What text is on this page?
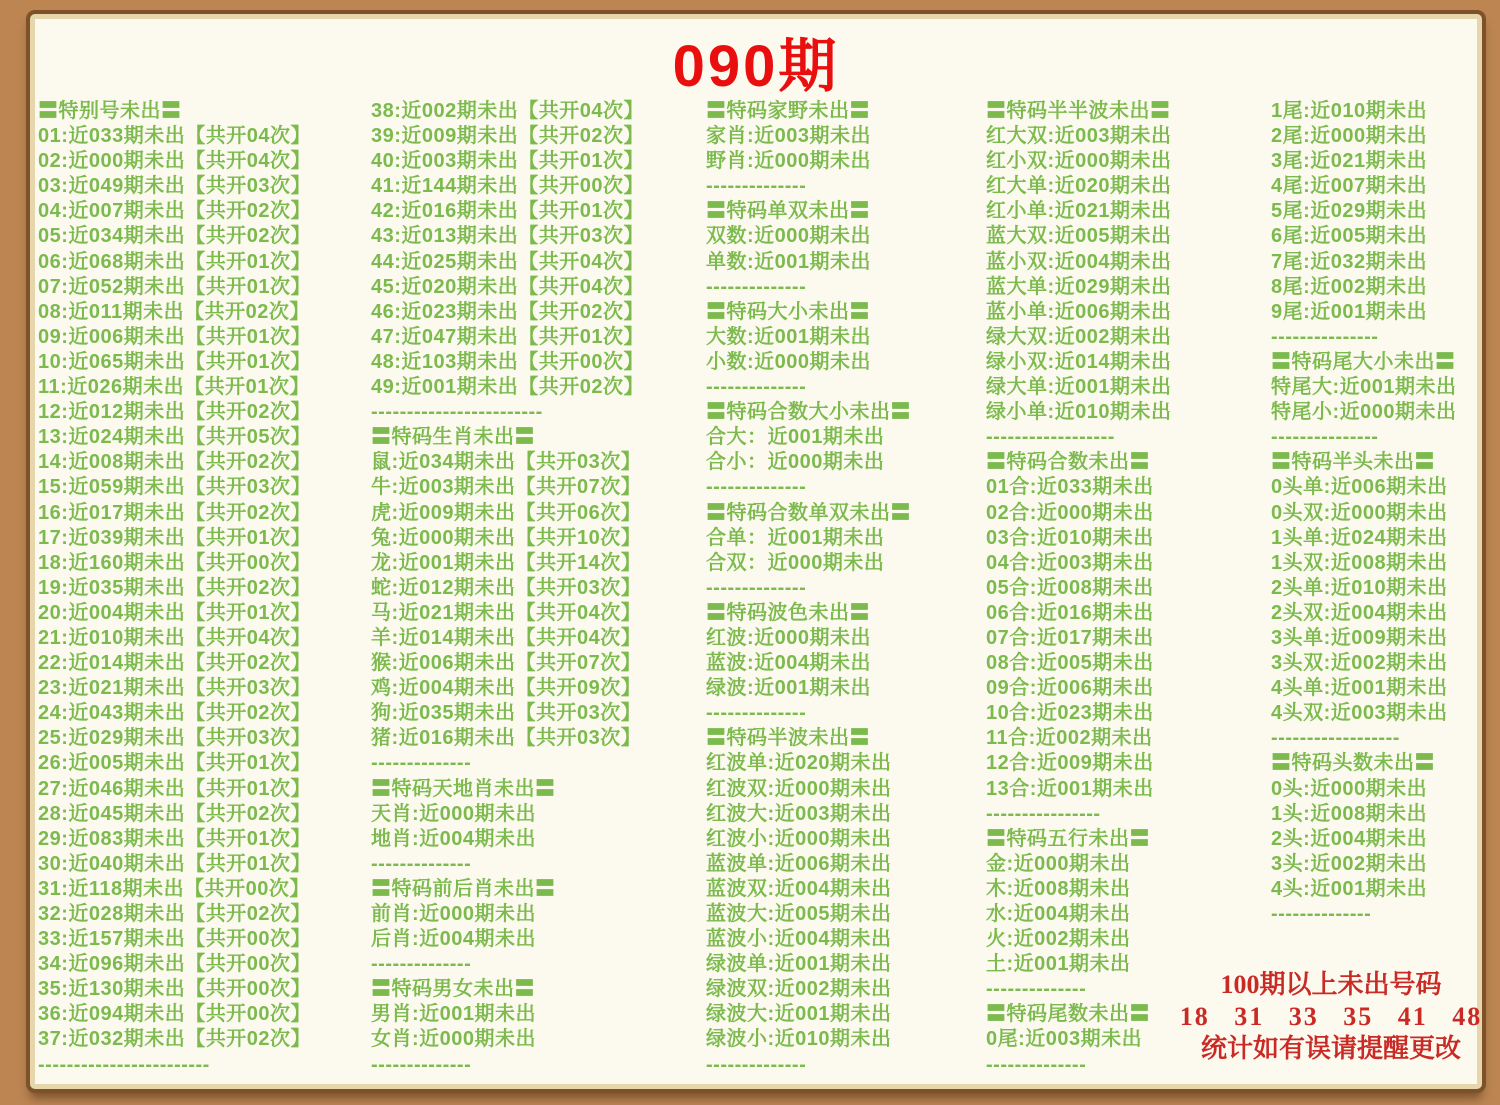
090期
〓特别号未出〓
01:近033期未出【共开04次】
02:近000期未出【共开04次】
03:近049期未出【共开03次】
04:近007期未出【共开02次】
05:近034期未出【共开02次】
06:近068期未出【共开01次】
07:近052期未出【共开01次】
08:近011期未出【共开02次】
09:近006期未出【共开01次】
10:近065期未出【共开01次】
11:近026期未出【共开01次】
12:近012期未出【共开02次】
13:近024期未出【共开05次】
14:近008期未出【共开02次】
15:近059期未出【共开03次】
16:近017期未出【共开02次】
17:近039期未出【共开01次】
18:近160期未出【共开00次】
19:近035期未出【共开02次】
20:近004期未出【共开01次】
21:近010期未出【共开04次】
22:近014期未出【共开02次】
23:近021期未出【共开03次】
24:近043期未出【共开02次】
25:近029期未出【共开03次】
26:近005期未出【共开01次】
27:近046期未出【共开01次】
28:近045期未出【共开02次】
29:近083期未出【共开01次】
30:近040期未出【共开01次】
31:近118期未出【共开00次】
32:近028期未出【共开02次】
33:近157期未出【共开00次】
34:近096期未出【共开00次】
35:近130期未出【共开00次】
36:近094期未出【共开00次】
37:近032期未出【共开02次】
------------------------
38:近002期未出【共开04次】
39:近009期未出【共开02次】
40:近003期未出【共开01次】
41:近144期未出【共开00次】
42:近016期未出【共开01次】
43:近013期未出【共开03次】
44:近025期未出【共开04次】
45:近020期未出【共开04次】
46:近023期未出【共开02次】
47:近047期未出【共开01次】
48:近103期未出【共开00次】
49:近001期未出【共开02次】
------------------------
〓特码生肖未出〓
鼠:近034期未出【共开03次】
牛:近003期未出【共开07次】
虎:近009期未出【共开06次】
兔:近000期未出【共开10次】
龙:近001期未出【共开14次】
蛇:近012期未出【共开03次】
马:近021期未出【共开04次】
羊:近014期未出【共开04次】
猴:近006期未出【共开07次】
鸡:近004期未出【共开09次】
狗:近035期未出【共开03次】
猪:近016期未出【共开03次】
--------------
〓特码天地肖未出〓
天肖:近000期未出
地肖:近004期未出
--------------
〓特码前后肖未出〓
前肖:近000期未出
后肖:近004期未出
--------------
〓特码男女未出〓
男肖:近001期未出
女肖:近000期未出
--------------
〓特码家野未出〓
家肖:近003期未出
野肖:近000期未出
--------------
〓特码单双未出〓
双数:近000期未出
单数:近001期未出
--------------
〓特码大小未出〓
大数:近001期未出
小数:近000期未出
--------------
〓特码合数大小未出〓
合大：近001期未出
合小：近000期未出
--------------
〓特码合数单双未出〓
合单：近001期未出
合双：近000期未出
--------------
〓特码波色未出〓
红波:近000期未出
蓝波:近004期未出
绿波:近001期未出
--------------
〓特码半波未出〓
红波单:近020期未出
红波双:近000期未出
红波大:近003期未出
红波小:近000期未出
蓝波单:近006期未出
蓝波双:近004期未出
蓝波大:近005期未出
蓝波小:近004期未出
绿波单:近001期未出
绿波双:近002期未出
绿波大:近001期未出
绿波小:近010期未出
--------------
〓特码半半波未出〓
红大双:近003期未出
红小双:近000期未出
红大单:近020期未出
红小单:近021期未出
蓝大双:近005期未出
蓝小双:近004期未出
蓝大单:近029期未出
蓝小单:近006期未出
绿大双:近002期未出
绿小双:近014期未出
绿大单:近001期未出
绿小单:近010期未出
------------------
〓特码合数未出〓
01合:近033期未出
02合:近000期未出
03合:近010期未出
04合:近003期未出
05合:近008期未出
06合:近016期未出
07合:近017期未出
08合:近005期未出
09合:近006期未出
10合:近023期未出
11合:近002期未出
12合:近009期未出
13合:近001期未出
----------------
〓特码五行未出〓
金:近000期未出
木:近008期未出
水:近004期未出
火:近002期未出
土:近001期未出
--------------
〓特码尾数未出〓
0尾:近003期未出
--------------
1尾:近010期未出
2尾:近000期未出
3尾:近021期未出
4尾:近007期未出
5尾:近029期未出
6尾:近005期未出
7尾:近032期未出
8尾:近002期未出
9尾:近001期未出
---------------
〓特码尾大小未出〓
特尾大:近001期未出
特尾小:近000期未出
---------------
〓特码半头未出〓
0头单:近006期未出
0头双:近000期未出
1头单:近024期未出
1头双:近008期未出
2头单:近010期未出
2头双:近004期未出
3头单:近009期未出
3头双:近002期未出
4头单:近001期未出
4头双:近003期未出
------------------
〓特码头数未出〓
0头:近000期未出
1头:近008期未出
2头:近004期未出
3头:近002期未出
4头:近001期未出
--------------
100期以上未出号码
18 31 33 35 41 48
统计如有误请提醒更改
